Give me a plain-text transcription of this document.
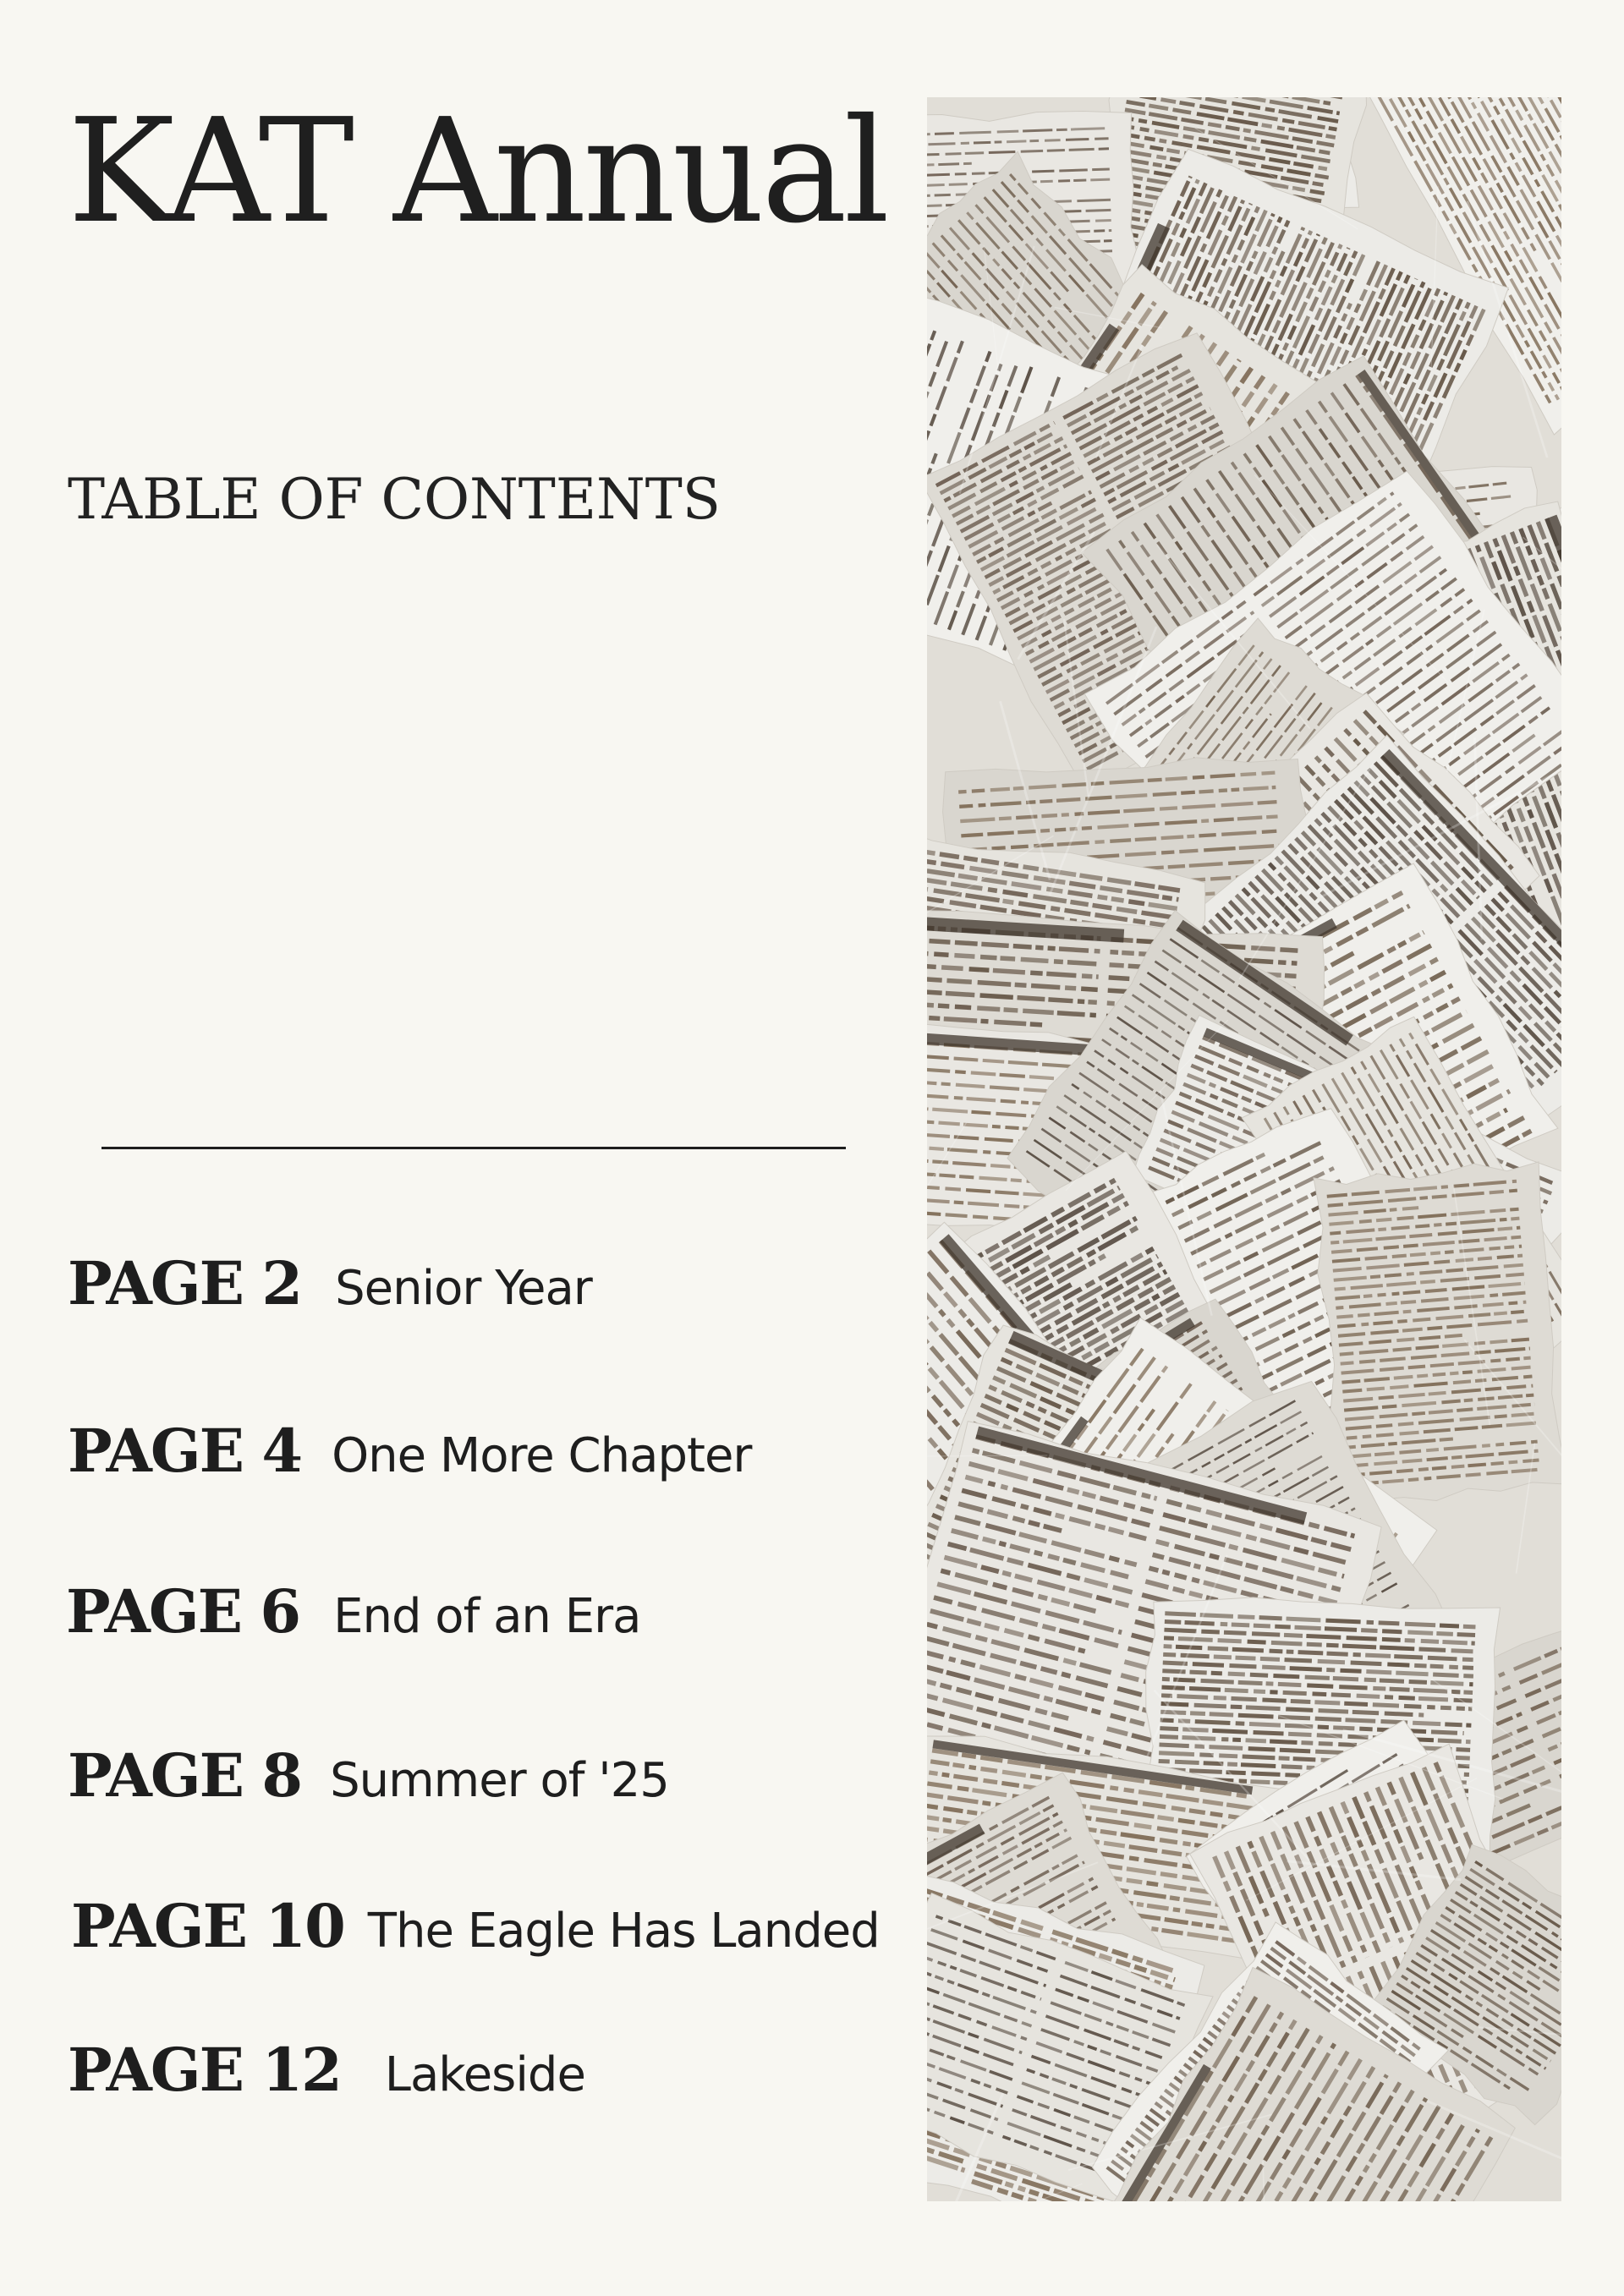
KAT Annual
TABLE OF CONTENTS
PAGE 2 Senior Year
PAGE 4 One More Chapter
PAGE 6 End of an Era
PAGE 8 Summer of '25
PAGE 10 The Eagle Has Landed
PAGE 12 Lakeside
